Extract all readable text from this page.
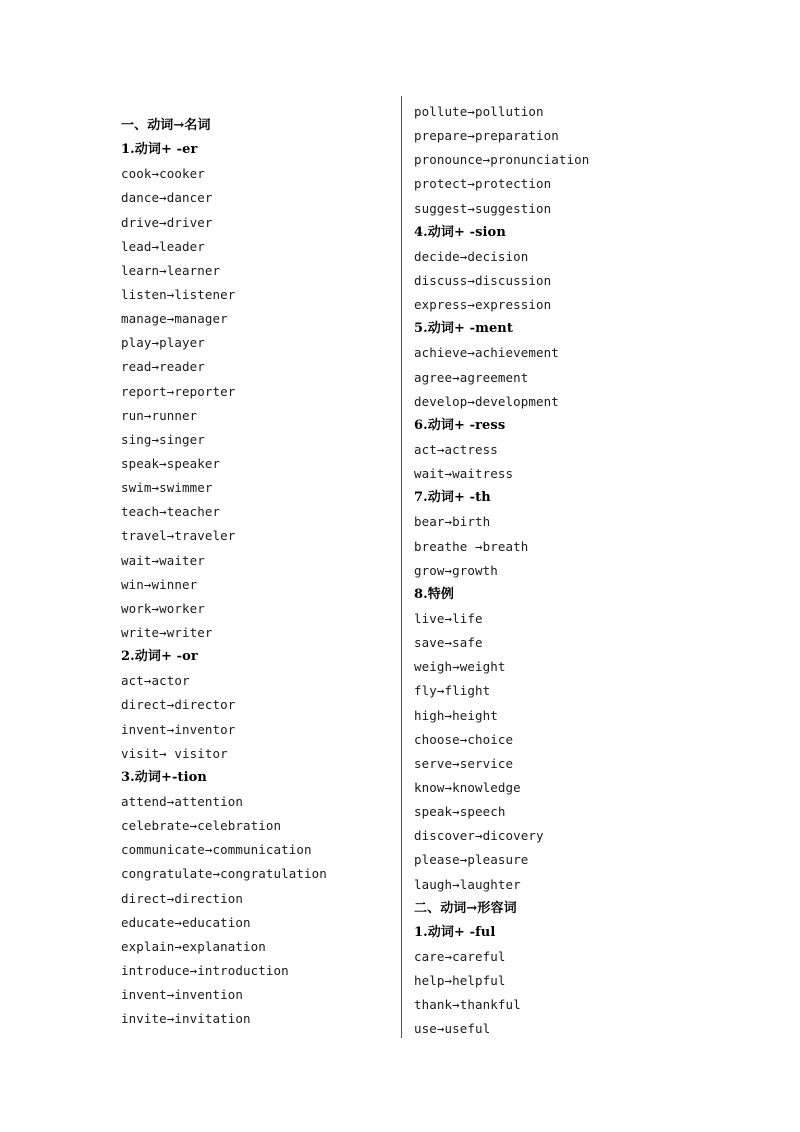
一、动词→名词
1.动词+ -er
cook→cooker
dance→dancer
drive→driver
lead→leader
learn→learner
listen→listener
manage→manager
play→player
read→reader
report→reporter
run→runner
sing→singer
speak→speaker
swim→swimmer
teach→teacher
travel→traveler
wait→waiter
win→winner
work→worker
write→writer
2.动词+ -or
act→actor
direct→director
invent→inventor
visit→ visitor
3.动词+-tion
attend→attention
celebrate→celebration
communicate→communication
congratulate→congratulation
direct→direction
educate→education
explain→explanation
introduce→introduction
invent→invention
invite→invitation
pollute→pollution
prepare→preparation
pronounce→pronunciation
protect→protection
suggest→suggestion
4.动词+ -sion
decide→decision
discuss→discussion
express→expression
5.动词+ -ment
achieve→achievement
agree→agreement
develop→development
6.动词+ -ress
act→actress
wait→waitress
7.动词+ -th
bear→birth
breathe →breath
grow→growth
8.特例
live→life
save→safe
weigh→weight
fly→flight
high→height
choose→choice
serve→service
know→knowledge
speak→speech
discover→dicovery
please→pleasure
laugh→laughter
二、动词→形容词
1.动词+ -ful
care→careful
help→helpful
thank→thankful
use→useful
